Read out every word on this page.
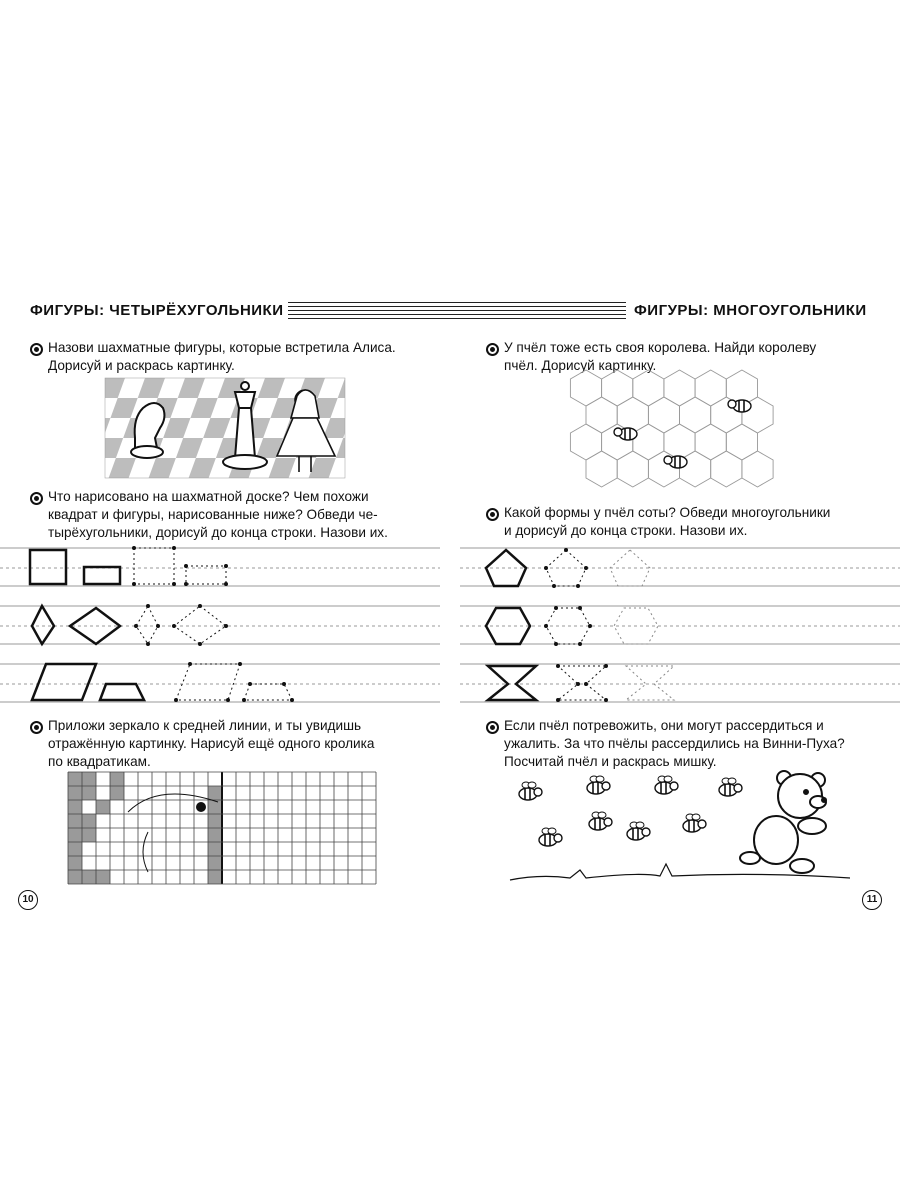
ФИГУРЫ: ЧЕТЫРЁХУГОЛЬНИКИ	ФИГУРЫ: МНОГОУГОЛЬНИКИ
Назови шахматные фигуры, которые встретила Алиса.
Дорисуй и раскрась картинку.
Что нарисовано на шахматной доске? Чем похожи
квадрат и фигуры, нарисованные ниже? Обведи че-
тырёхугольники, дорисуй до конца строки. Назови их.
Приложи зеркало к средней линии, и ты увидишь
отражённую картинку. Нарисуй ещё одного кролика
по квадратикам.
10
У пчёл тоже есть своя королева. Найди королеву
пчёл. Дорисуй картинку.
Какой формы у пчёл соты? Обведи многоугольники
и дорисуй до конца строки. Назови их.
Если пчёл потревожить, они могут рассердиться и
ужалить. За что пчёлы рассердились на Винни-Пуха?
Посчитай пчёл и раскрась мишку.
11
